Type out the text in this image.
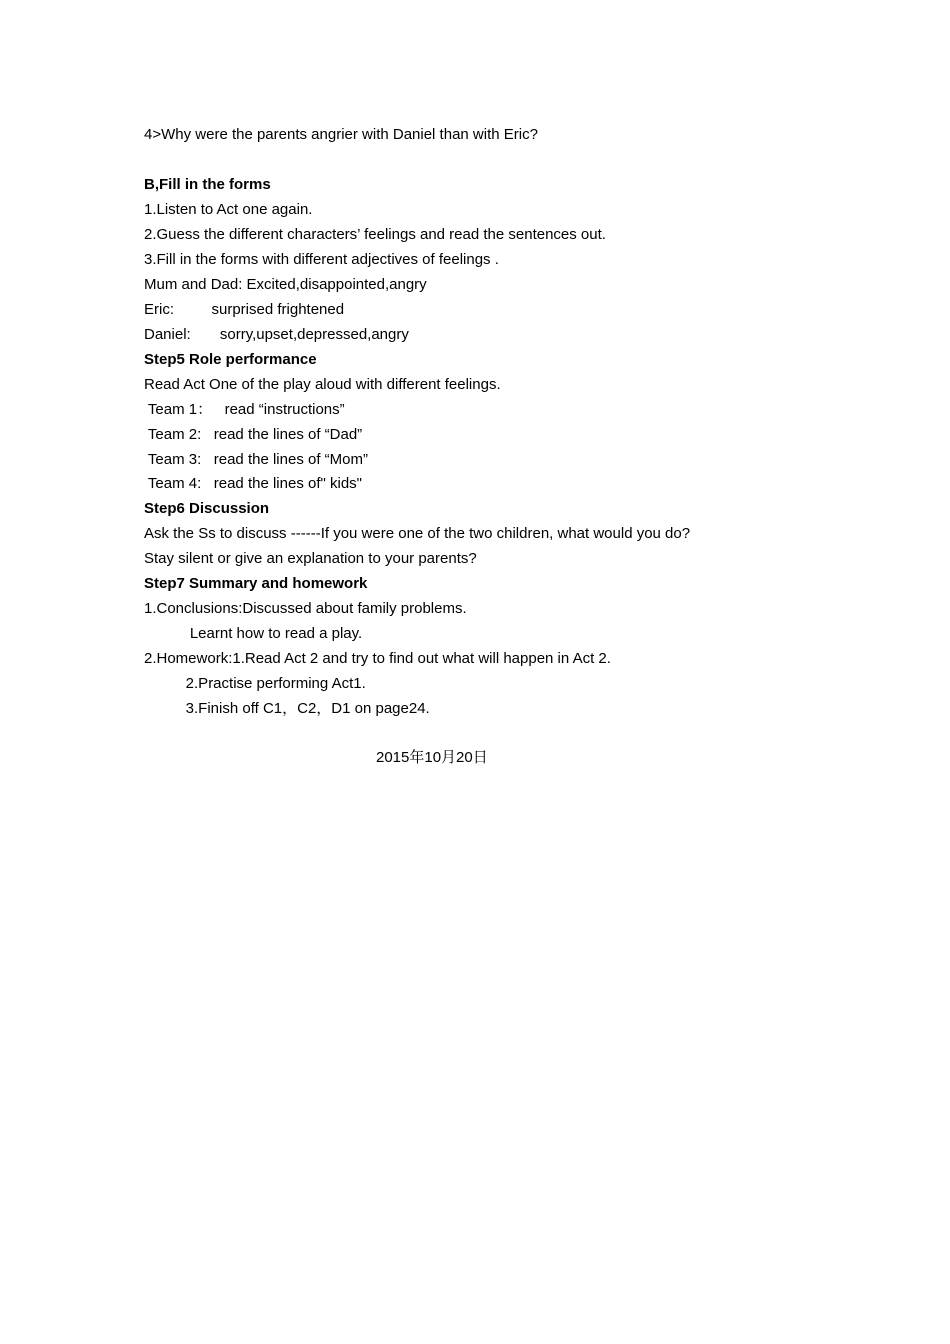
4>Why were the parents angrier with Daniel than with Eric?
B,Fill in the forms
1.Listen to Act one again.
2.Guess the different characters’ feelings and read the sentences out.
3.Fill in the forms with different adjectives of feelings .
Mum and Dad: Excited,disappointed,angry
Eric:         surprised frightened
Daniel:       sorry,upset,depressed,angry
Step5 Role performance
Read Act One of the play aloud with different feelings.
Team 1：   read “instructions”
Team 2:   read the lines of “Dad”
Team 3:   read the lines of “Mom”
Team 4:   read the lines of" kids"
Step6 Discussion
Ask the Ss to discuss ------If you were one of the two children, what would you do?
Stay silent or give an explanation to your parents?
Step7 Summary and homework
1.Conclusions:Discussed about family problems.
Learnt how to read a play.
2.Homework:1.Read Act 2 and try to find out what will happen in Act 2.
2.Practise performing Act1.
3.Finish off C1，C2，D1 on page24.
2015年10月20日
